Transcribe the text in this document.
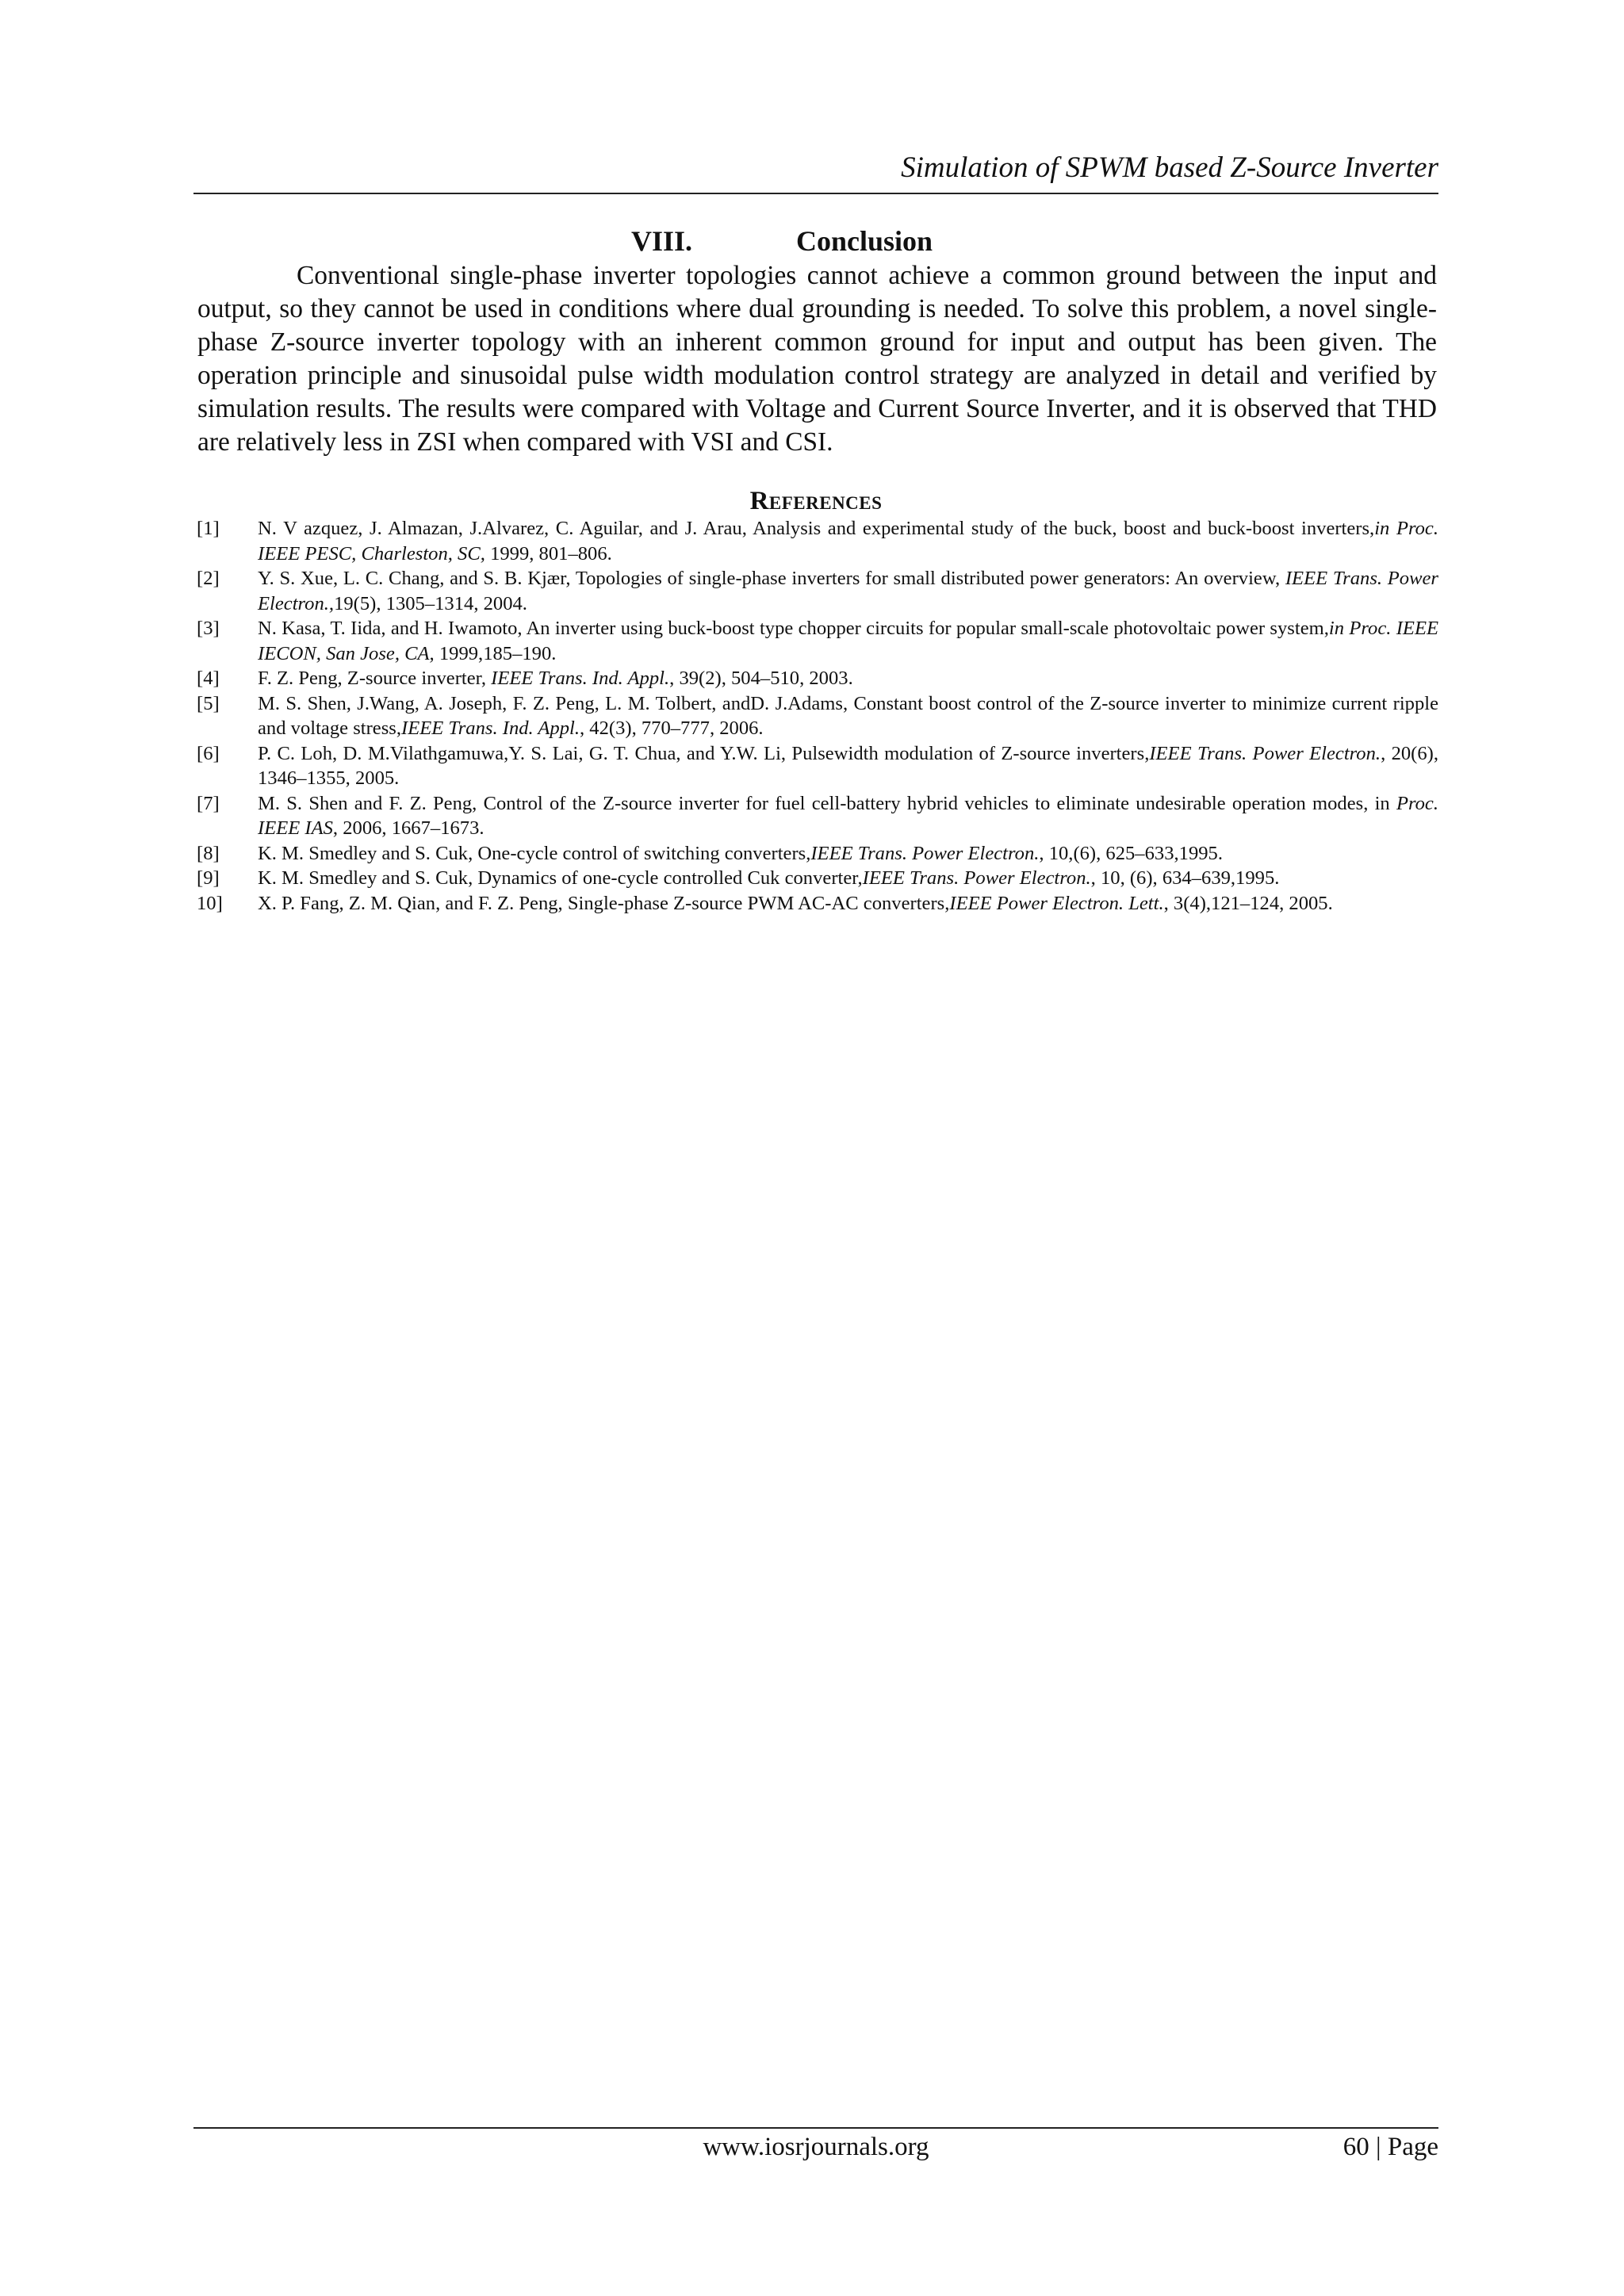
Simulation of SPWM based Z-Source Inverter
VIII.	Conclusion

Conventional single-phase inverter topologies cannot achieve a common ground between the input and output, so they cannot be used in conditions where dual grounding is needed. To solve this problem, a novel single-phase Z-source inverter topology with an inherent common ground for input and output has been given. The operation principle and sinusoidal pulse width modulation control strategy are analyzed in detail and verified by simulation results. The results were compared with Voltage and Current Source Inverter, and it is observed that THD are relatively less in ZSI when compared with VSI and CSI.

References
[1] N. V azquez, J. Almazan, J.Alvarez, C. Aguilar, and J. Arau, Analysis and experimental study of the buck, boost and buck-boost inverters,in Proc. IEEE PESC, Charleston, SC, 1999, 801–806.
[2] Y. S. Xue, L. C. Chang, and S. B. Kjær, Topologies of single-phase inverters for small distributed power generators: An overview, IEEE Trans. Power Electron.,19(5), 1305–1314, 2004.
[3] N. Kasa, T. Iida, and H. Iwamoto, An inverter using buck-boost type chopper circuits for popular small-scale photovoltaic power system,in Proc. IEEE IECON, San Jose, CA, 1999,185–190.
[4] F. Z. Peng, Z-source inverter, IEEE Trans. Ind. Appl., 39(2), 504–510, 2003.
[5] M. S. Shen, J.Wang, A. Joseph, F. Z. Peng, L. M. Tolbert, andD. J.Adams, Constant boost control of the Z-source inverter to minimize current ripple and voltage stress,IEEE Trans. Ind. Appl., 42(3), 770–777, 2006.
[6] P. C. Loh, D. M.Vilathgamuwa,Y. S. Lai, G. T. Chua, and Y.W. Li, Pulsewidth modulation of Z-source inverters,IEEE Trans. Power Electron., 20(6), 1346–1355, 2005.
[7] M. S. Shen and F. Z. Peng, Control of the Z-source inverter for fuel cell-battery hybrid vehicles to eliminate undesirable operation modes, in Proc. IEEE IAS, 2006, 1667–1673.
[8] K. M. Smedley and S. Cuk, One-cycle control of switching converters,IEEE Trans. Power Electron., 10,(6), 625–633,1995.
[9] K. M. Smedley and S. Cuk, Dynamics of one-cycle controlled Cuk converter,IEEE Trans. Power Electron., 10, (6), 634–639,1995.
10] X. P. Fang, Z. M. Qian, and F. Z. Peng, Single-phase Z-source PWM AC-AC converters,IEEE Power Electron. Lett., 3(4),121–124, 2005.
www.iosrjournals.org	60 | Page
